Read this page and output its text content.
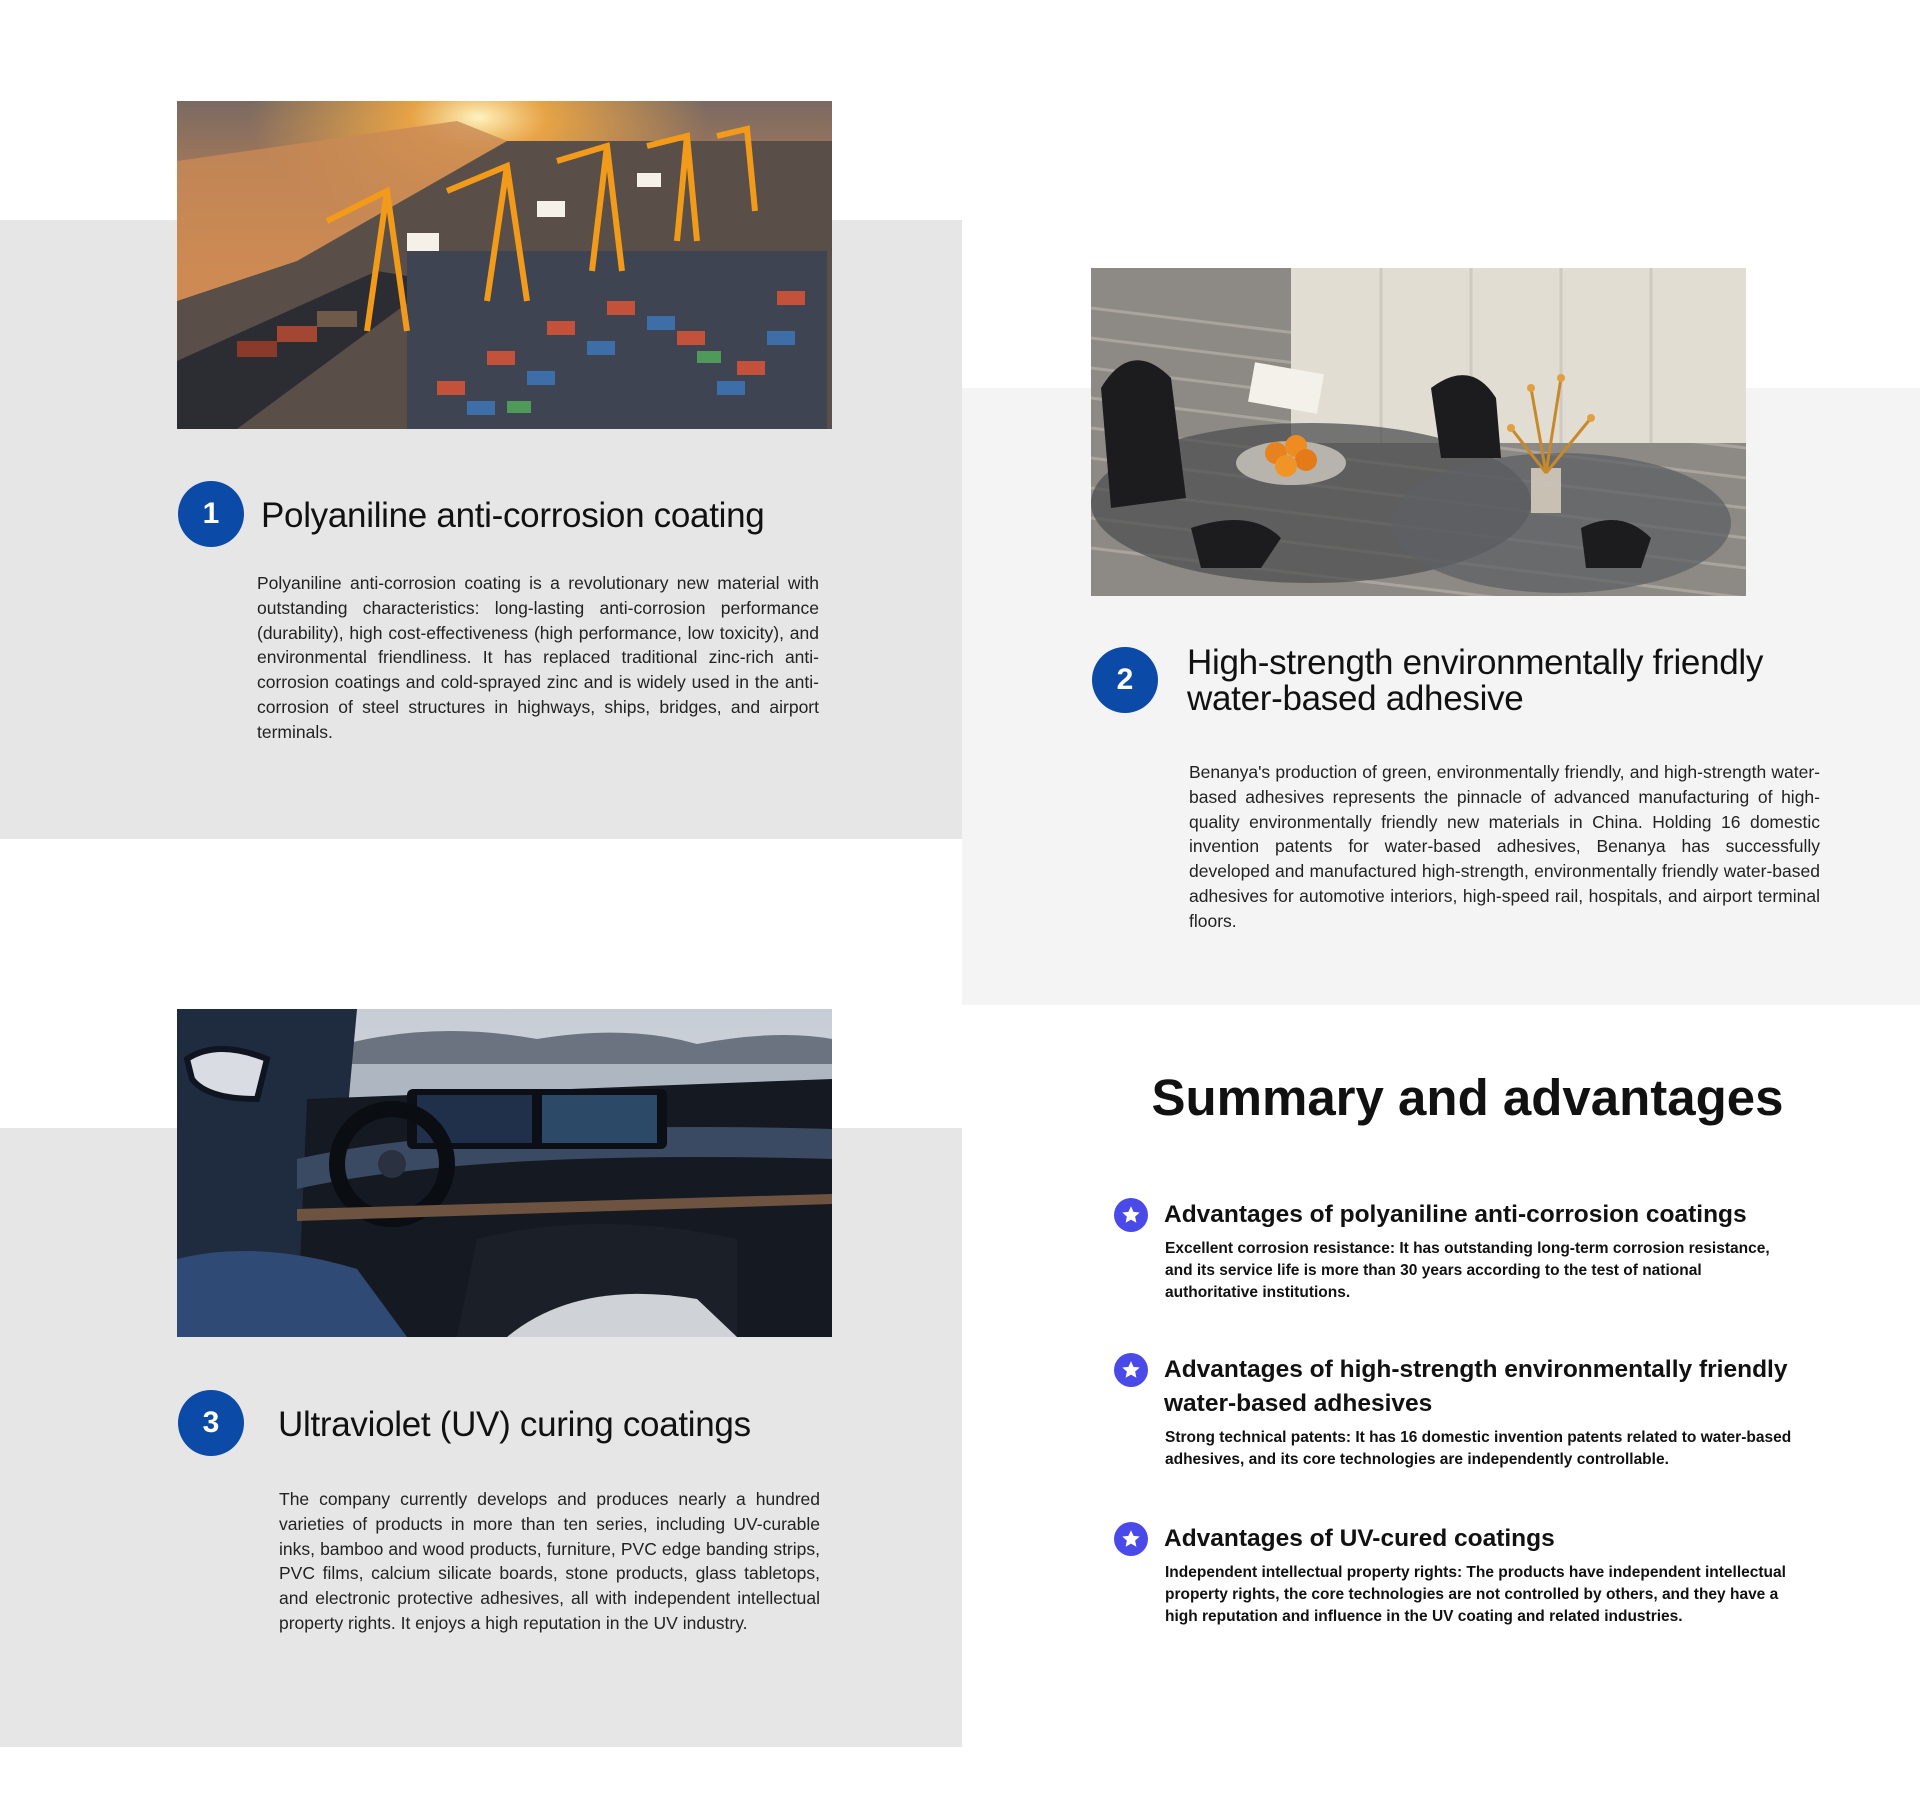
1	Polyaniline anti-corrosion coating

Polyaniline anti-corrosion coating is a revolutionary new material with outstanding characteristics: long-lasting anti-corrosion performance (durability), high cost-effectiveness (high performance, low toxicity), and environmental friendliness. It has replaced traditional zinc-rich anti-corrosion coatings and cold-sprayed zinc and is widely used in the anti-corrosion of steel structures in highways, ships, bridges, and airport terminals.

2	High-strength environmentally friendly water-based adhesive

Benanya's production of green, environmentally friendly, and high-strength water-based adhesives represents the pinnacle of advanced manufacturing of high-quality environmentally friendly new materials in China. Holding 16 domestic invention patents for water-based adhesives, Benanya has successfully developed and manufactured high-strength, environmentally friendly water-based adhesives for automotive interiors, high-speed rail, hospitals, and airport terminal floors.

3	Ultraviolet (UV) curing coatings

The company currently develops and produces nearly a hundred varieties of products in more than ten series, including UV-curable inks, bamboo and wood products, furniture, PVC edge banding strips, PVC films, calcium silicate boards, stone products, glass tabletops, and electronic protective adhesives, all with independent intellectual property rights. It enjoys a high reputation in the UV industry.

Summary and advantages
Advantages of polyaniline anti-corrosion coatings

Excellent corrosion resistance: It has outstanding long-term corrosion resistance, and its service life is more than 30 years according to the test of national authoritative institutions.

Advantages of high-strength environmentally friendly water-based adhesives

Strong technical patents: It has 16 domestic invention patents related to water-based adhesives, and its core technologies are independently controllable.

Advantages of UV-cured coatings

Independent intellectual property rights: The products have independent intellectual property rights, the core technologies are not controlled by others, and they have a high reputation and influence in the UV coating and related industries.
